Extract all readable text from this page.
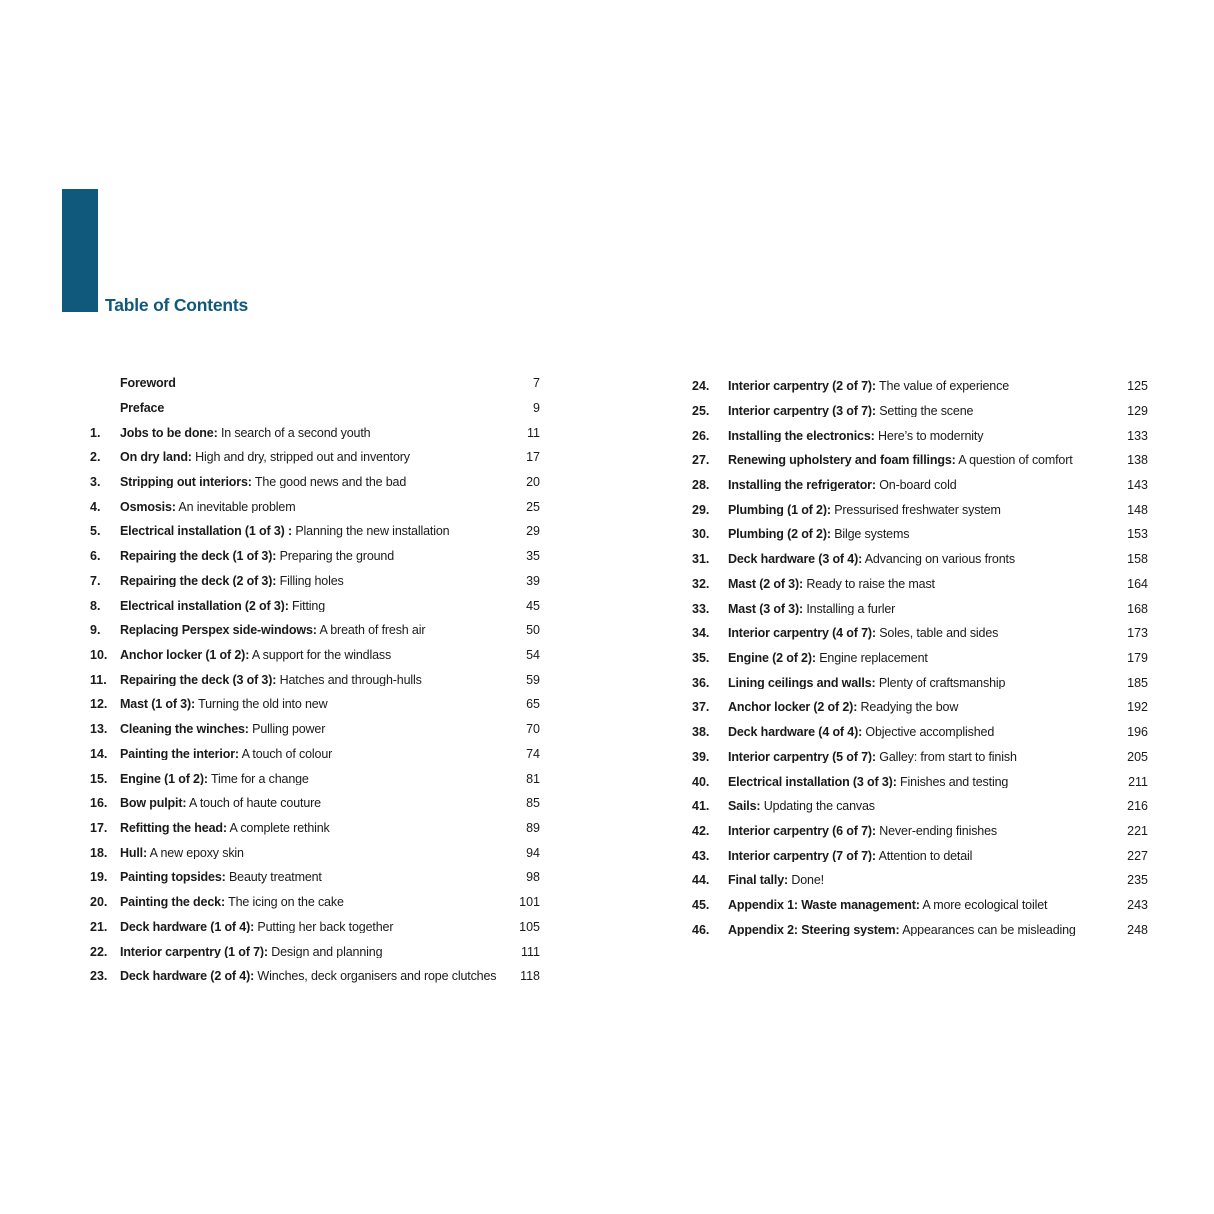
Table of Contents
Foreword	7
Preface	9
1.	Jobs to be done: In search of a second youth	11
2.	On dry land: High and dry, stripped out and inventory	17
3.	Stripping out interiors: The good news and the bad	20
4.	Osmosis: An inevitable problem	25
5.	Electrical installation (1 of 3) : Planning the new installation	29
6.	Repairing the deck (1 of 3): Preparing the ground	35
7.	Repairing the deck (2 of 3): Filling holes	39
8.	Electrical installation (2 of 3): Fitting	45
9.	Replacing Perspex side-windows: A breath of fresh air	50
10.	Anchor locker (1 of 2): A support for the windlass	54
11.	Repairing the deck (3 of 3): Hatches and through-hulls	59
12.	Mast (1 of 3): Turning the old into new	65
13.	Cleaning the winches: Pulling power	70
14.	Painting the interior: A touch of colour	74
15.	Engine (1 of 2): Time for a change	81
16.	Bow pulpit: A touch of haute couture	85
17.	Refitting the head: A complete rethink	89
18.	Hull: A new epoxy skin	94
19.	Painting topsides: Beauty treatment	98
20.	Painting the deck: The icing on the cake	101
21.	Deck hardware (1 of 4): Putting her back together	105
22.	Interior carpentry (1 of 7): Design and planning	111
23.	Deck hardware (2 of 4): Winches, deck organisers and rope clutches	118
24.	Interior carpentry (2 of 7): The value of experience	125
25.	Interior carpentry (3 of 7): Setting the scene	129
26.	Installing the electronics: Here’s to modernity	133
27.	Renewing upholstery and foam fillings: A question of comfort	138
28.	Installing the refrigerator: On-board cold	143
29.	Plumbing (1 of 2): Pressurised freshwater system	148
30.	Plumbing (2 of 2): Bilge systems	153
31.	Deck hardware (3 of 4): Advancing on various fronts	158
32.	Mast (2 of 3): Ready to raise the mast	164
33.	Mast (3 of 3): Installing a furler	168
34.	Interior carpentry (4 of 7): Soles, table and sides	173
35.	Engine (2 of 2): Engine replacement	179
36.	Lining ceilings and walls: Plenty of craftsmanship	185
37.	Anchor locker (2 of 2): Readying the bow	192
38.	Deck hardware (4 of 4): Objective accomplished	196
39.	Interior carpentry (5 of 7): Galley: from start to finish	205
40.	Electrical installation (3 of 3): Finishes and testing	211
41.	Sails: Updating the canvas	216
42.	Interior carpentry (6 of 7): Never-ending finishes	221
43.	Interior carpentry (7 of 7): Attention to detail	227
44.	Final tally: Done!	235
45.	Appendix 1: Waste management: A more ecological toilet	243
46.	Appendix 2: Steering system: Appearances can be misleading	248
